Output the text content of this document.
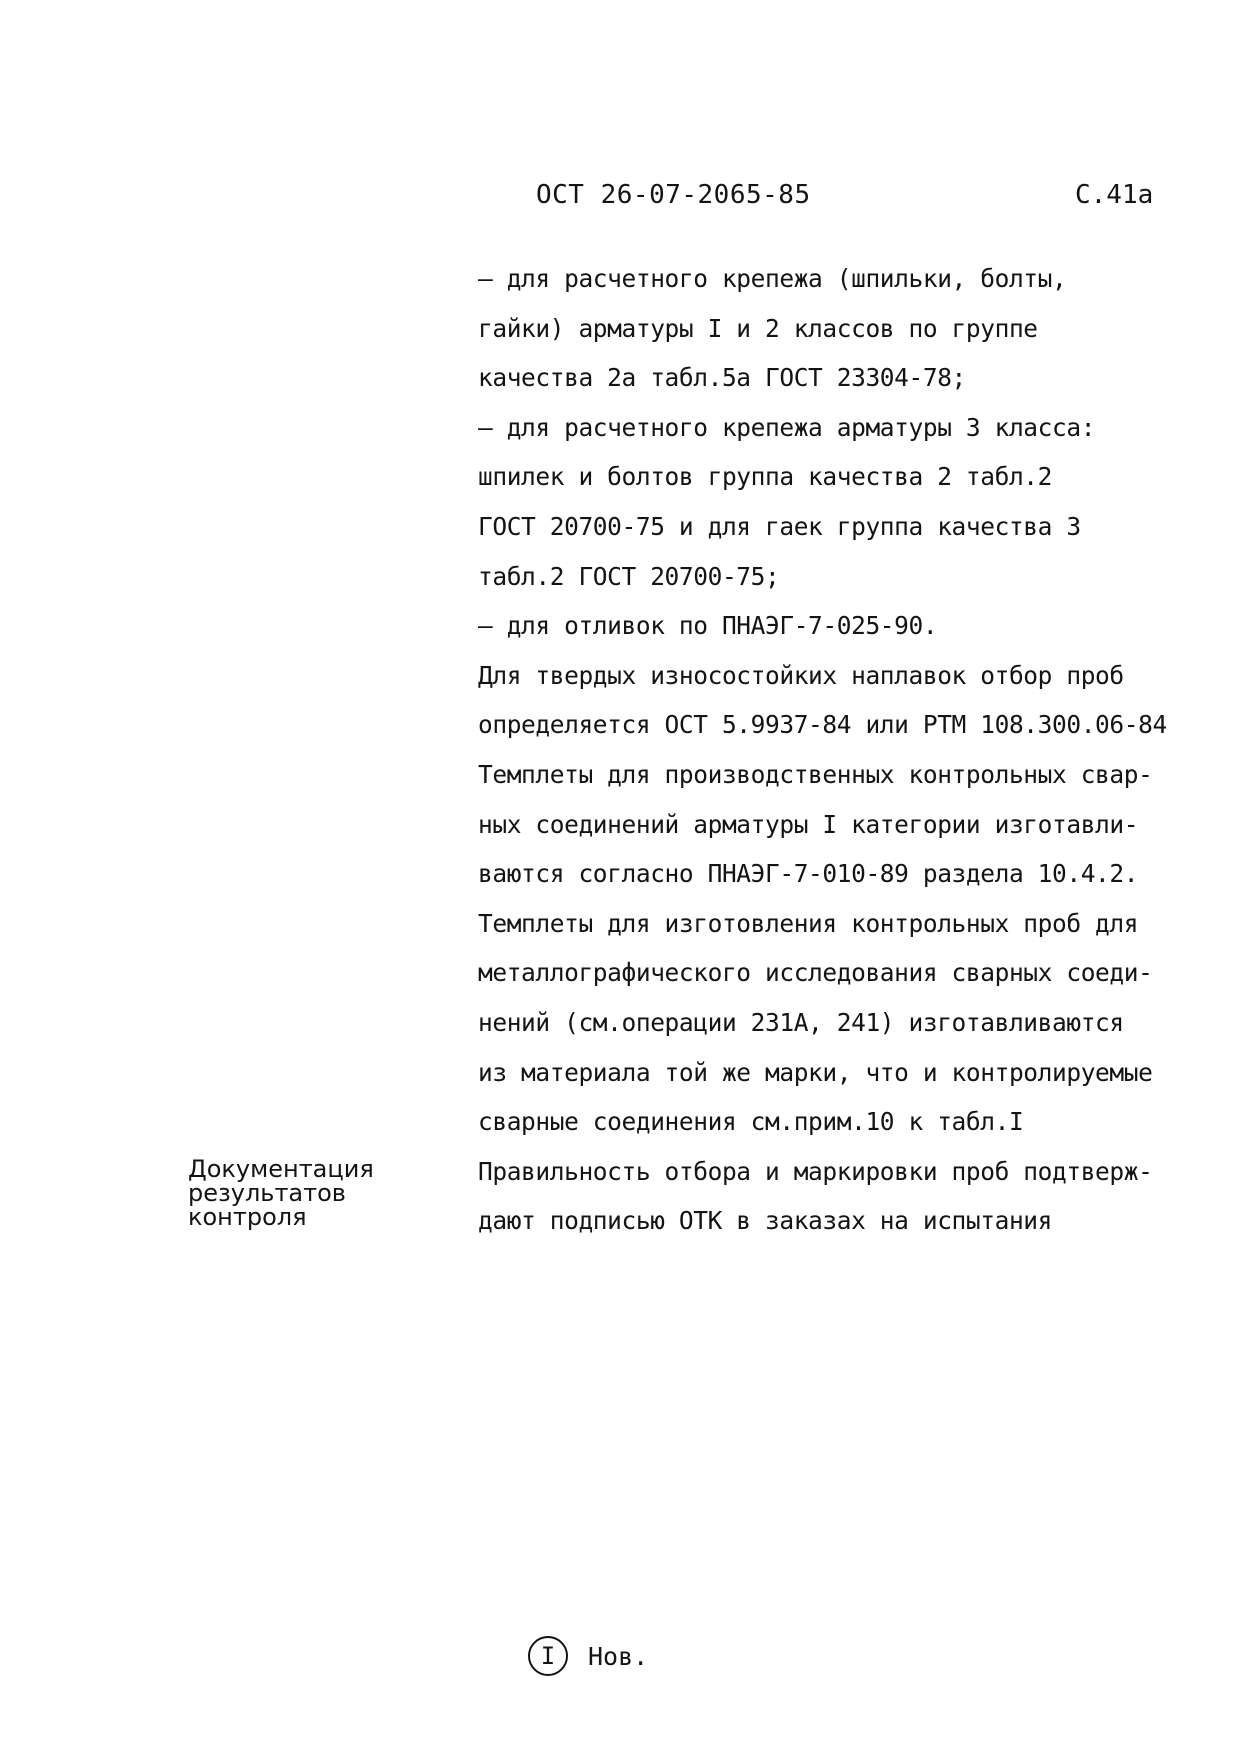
ОСТ 26-07-2065-85	С.41а
– для расчетного крепежа (шпильки, болты,
гайки) арматуры I и 2 классов по группе
качества 2а табл.5а ГОСТ 23304-78;
– для расчетного крепежа арматуры 3 класса:
шпилек и болтов группа качества 2 табл.2
ГОСТ 20700-75 и для гаек группа качества 3
табл.2 ГОСТ 20700-75;
– для отливок по ПНАЭГ-7-025-90.
Для твердых износостойких наплавок отбор проб
определяется ОСТ 5.9937-84 или РТМ 108.300.06-84
Темплеты для производственных контрольных свар-
ных соединений арматуры I категории изготавли-
ваются согласно ПНАЭГ-7-010-89 раздела 10.4.2.
Темплеты для изготовления контрольных проб для
металлографического исследования сварных соеди-
нений (см.операции 231А, 241) изготавливаются
из материала той же марки, что и контролируемые
сварные соединения см.прим.10 к табл.I
Правильность отбора и маркировки проб подтверж-
дают подписью ОТК в заказах на испытания
Документация
результатов
контроля
I	Нов.
